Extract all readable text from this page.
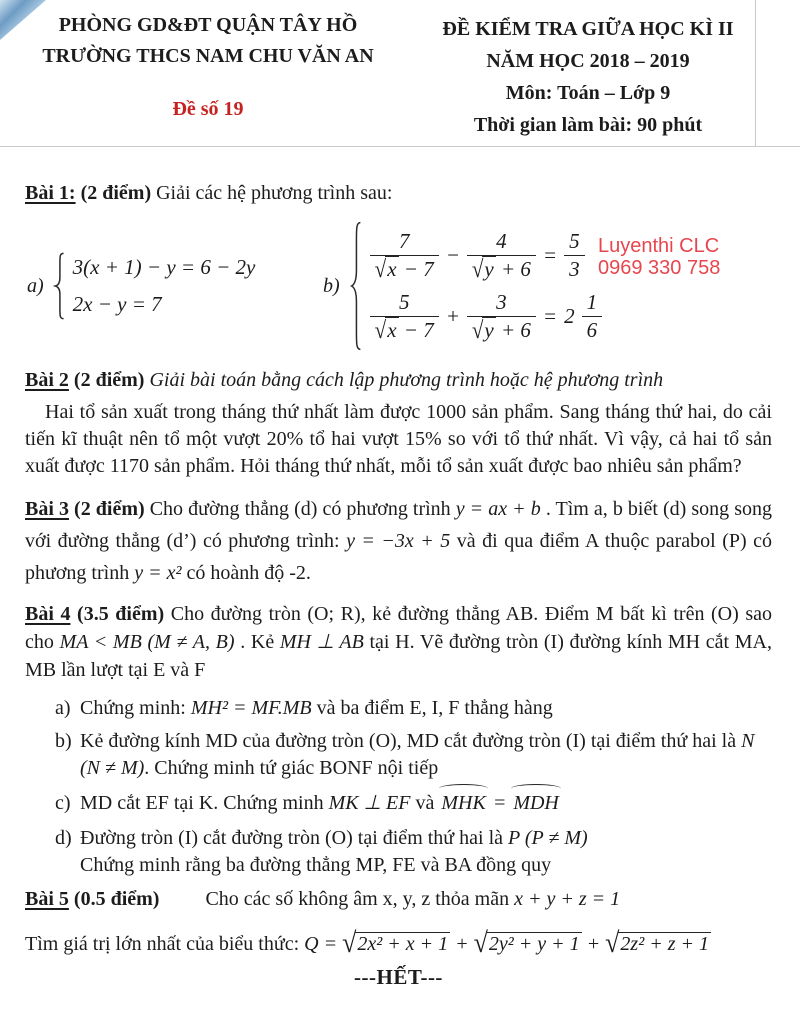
PHÒNG GD&ĐT QUẬN TÂY HỒ
TRƯỜNG THCS NAM CHU VĂN AN
Đề số 19
ĐỀ KIỂM TRA GIỮA HỌC KÌ II
NĂM HỌC 2018 – 2019
Môn: Toán – Lớp 9
Thời gian làm bài: 90 phút

Bài 1: (2 điểm) Giải các hệ phương trình sau:

a)
3(x + 1) − y = 6 − 2y
2x − y = 7
b)
$\frac{7}{√x - 7} - \frac{4}{√y + 6} = \frac{5}{3}$
$\frac{5}{√x - 7} + \frac{3}{√y + 6} = 2 \frac{1}{6}$
Luyenthi CLC
0969 330 758

Bài 2 (2 điểm) Giải bài toán bằng cách lập phương trình hoặc hệ phương trình

Hai tổ sản xuất trong tháng thứ nhất làm được 1000 sản phẩm. Sang tháng thứ hai, do cải tiến kĩ thuật nên tổ một vượt 20% tổ hai vượt 15% so với tổ thứ nhất. Vì vậy, cả hai tổ sản xuất được 1170 sản phẩm. Hỏi tháng thứ nhất, mỗi tổ sản xuất được bao nhiêu sản phẩm?

Bài 3 (2 điểm) Cho đường thẳng (d) có phương trình y = ax + b . Tìm a, b biết (d) song song với đường thẳng (d’) có phương trình: y = −3x + 5 và đi qua điểm A thuộc parabol (P) có phương trình y = x² có hoành độ -2.

Bài 4 (3.5 điểm) Cho đường tròn (O; R), kẻ đường thẳng AB. Điểm M bất kì trên (O) sao cho MA < MB (M ≠ A, B) . Kẻ MH ⊥ AB tại H. Vẽ đường tròn (I) đường kính MH cắt MA, MB lần lượt tại E và F

a) Chứng minh: MH² = MF.MB và ba điểm E, I, F thẳng hàng
b) Kẻ đường kính MD của đường tròn (O), MD cắt đường tròn (I) tại điểm thứ hai là N (N ≠ M). Chứng minh tứ giác BONF nội tiếp
c) MD cắt EF tại K. Chứng minh MK ⊥ EF và MHK = MDH
d) Đường tròn (I) cắt đường tròn (O) tại điểm thứ hai là P (P ≠ M)
Chứng minh rằng ba đường thẳng MP, FE và BA đồng quy

Bài 5 (0.5 điểm) Cho các số không âm x, y, z thỏa mãn x + y + z = 1

Tìm giá trị lớn nhất của biểu thức: Q = √2x² + x + 1 + √2y² + y + 1 + √2z² + z + 1

---HẾT---
